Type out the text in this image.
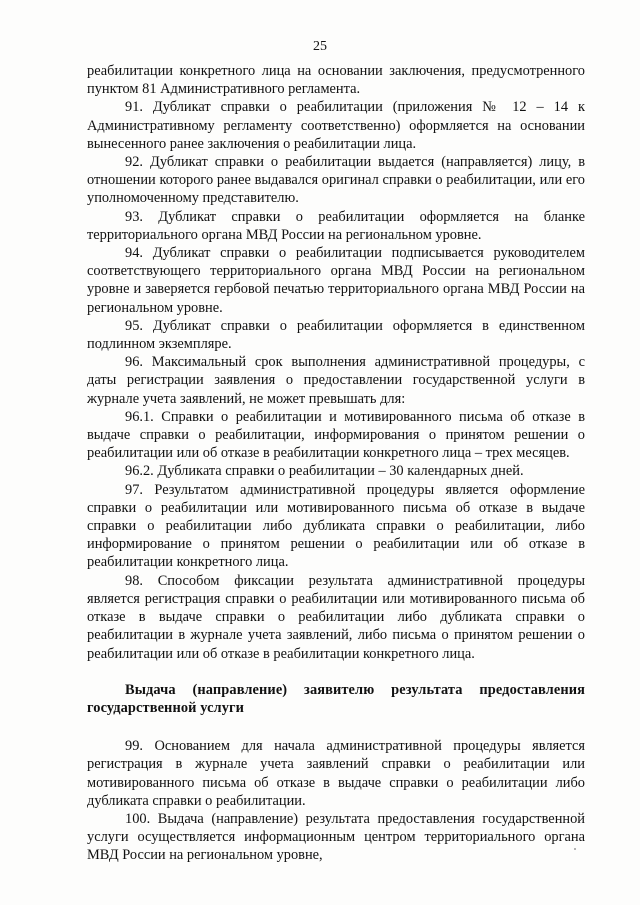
25

реабилитации конкретного лица на основании заключения, предусмотренного пунктом 81 Административного регламента.

91. Дубликат справки о реабилитации (приложения № 12 – 14 к Административному регламенту соответственно) оформляется на основании вынесенного ранее заключения о реабилитации лица.

92. Дубликат справки о реабилитации выдается (направляется) лицу, в отношении которого ранее выдавался оригинал справки о реабилитации, или его уполномоченному представителю.

93. Дубликат справки о реабилитации оформляется на бланке территориального органа МВД России на региональном уровне.

94. Дубликат справки о реабилитации подписывается руководителем соответствующего территориального органа МВД России на региональном уровне и заверяется гербовой печатью территориального органа МВД России на региональном уровне.

95. Дубликат справки о реабилитации оформляется в единственном подлинном экземпляре.

96. Максимальный срок выполнения административной процедуры, с даты регистрации заявления о предоставлении государственной услуги в журнале учета заявлений, не может превышать для:

96.1. Справки о реабилитации и мотивированного письма об отказе в выдаче справки о реабилитации, информирования о принятом решении о реабилитации или об отказе в реабилитации конкретного лица – трех месяцев.

96.2. Дубликата справки о реабилитации – 30 календарных дней.

97. Результатом административной процедуры является оформление справки о реабилитации или мотивированного письма об отказе в выдаче справки о реабилитации либо дубликата справки о реабилитации, либо информирование о принятом решении о реабилитации или об отказе в реабилитации конкретного лица.

98. Способом фиксации результата административной процедуры является регистрация справки о реабилитации или мотивированного письма об отказе в выдаче справки о реабилитации либо дубликата справки о реабилитации в журнале учета заявлений, либо письма о принятом решении о реабилитации или об отказе в реабилитации конкретного лица.

Выдача (направление) заявителю результата предоставления государственной услуги

99. Основанием для начала административной процедуры является регистрация в журнале учета заявлений справки о реабилитации или мотивированного письма об отказе в выдаче справки о реабилитации либо дубликата справки о реабилитации.

100. Выдача (направление) результата предоставления государственной услуги осуществляется информационным центром территориального органа МВД России на региональном уровне,
